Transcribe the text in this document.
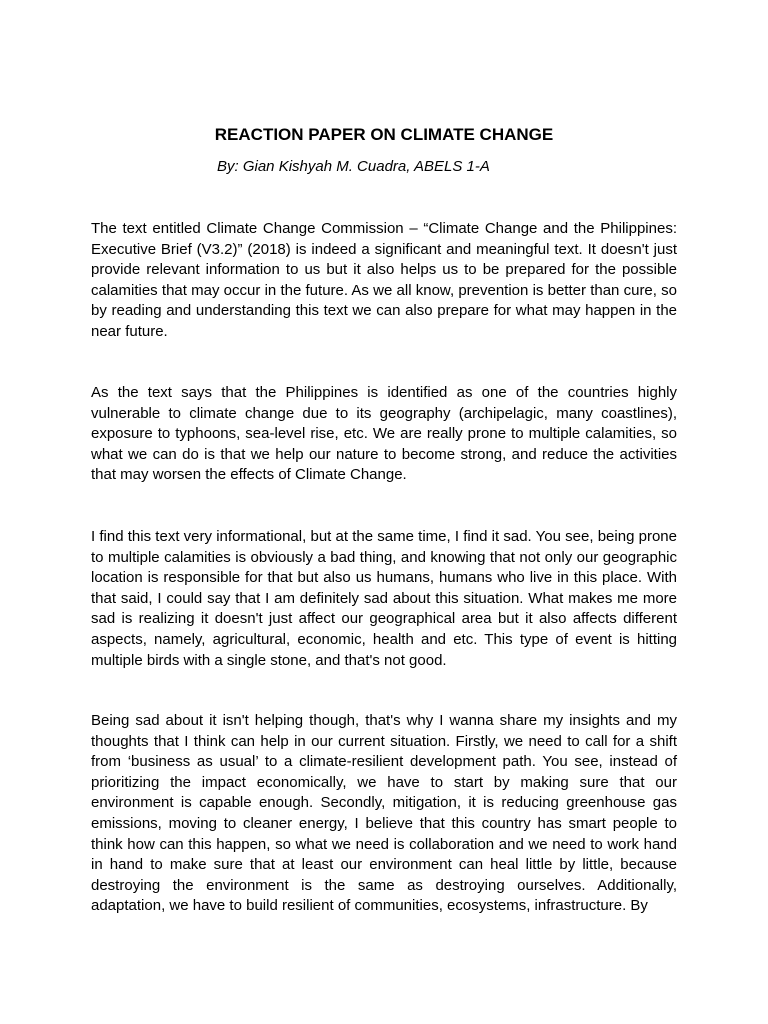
REACTION PAPER ON CLIMATE CHANGE

By: Gian Kishyah M. Cuadra, ABELS 1-A

The text entitled Climate Change Commission – “Climate Change and the Philippines: Executive Brief (V3.2)” (2018) is indeed a significant and meaningful text. It doesn't just provide relevant information to us but it also helps us to be prepared for the possible calamities that may occur in the future. As we all know, prevention is better than cure, so by reading and understanding this text we can also prepare for what may happen in the near future.

As the text says that the Philippines is identified as one of the countries highly vulnerable to climate change due to its geography (archipelagic, many coastlines), exposure to typhoons, sea-level rise, etc. We are really prone to multiple calamities, so what we can do is that we help our nature to become strong, and reduce the activities that may worsen the effects of Climate Change.

I find this text very informational, but at the same time, I find it sad. You see, being prone to multiple calamities is obviously a bad thing, and knowing that not only our geographic location is responsible for that but also us humans, humans who live in this place. With that said, I could say that I am definitely sad about this situation. What makes me more sad is realizing it doesn't just affect our geographical area but it also affects different aspects, namely, agricultural, economic, health and etc. This type of event is hitting multiple birds with a single stone, and that's not good.

Being sad about it isn't helping though, that's why I wanna share my insights and my thoughts that I think can help in our current situation. Firstly, we need to call for a shift from ‘business as usual’ to a climate-resilient development path. You see, instead of prioritizing the impact economically, we have to start by making sure that our environment is capable enough. Secondly, mitigation, it is reducing greenhouse gas emissions, moving to cleaner energy, I believe that this country has smart people to think how can this happen, so what we need is collaboration and we need to work hand in hand to make sure that at least our environment can heal little by little, because destroying the environment is the same as destroying ourselves. Additionally, adaptation, we have to build resilient of communities, ecosystems, infrastructure. By
